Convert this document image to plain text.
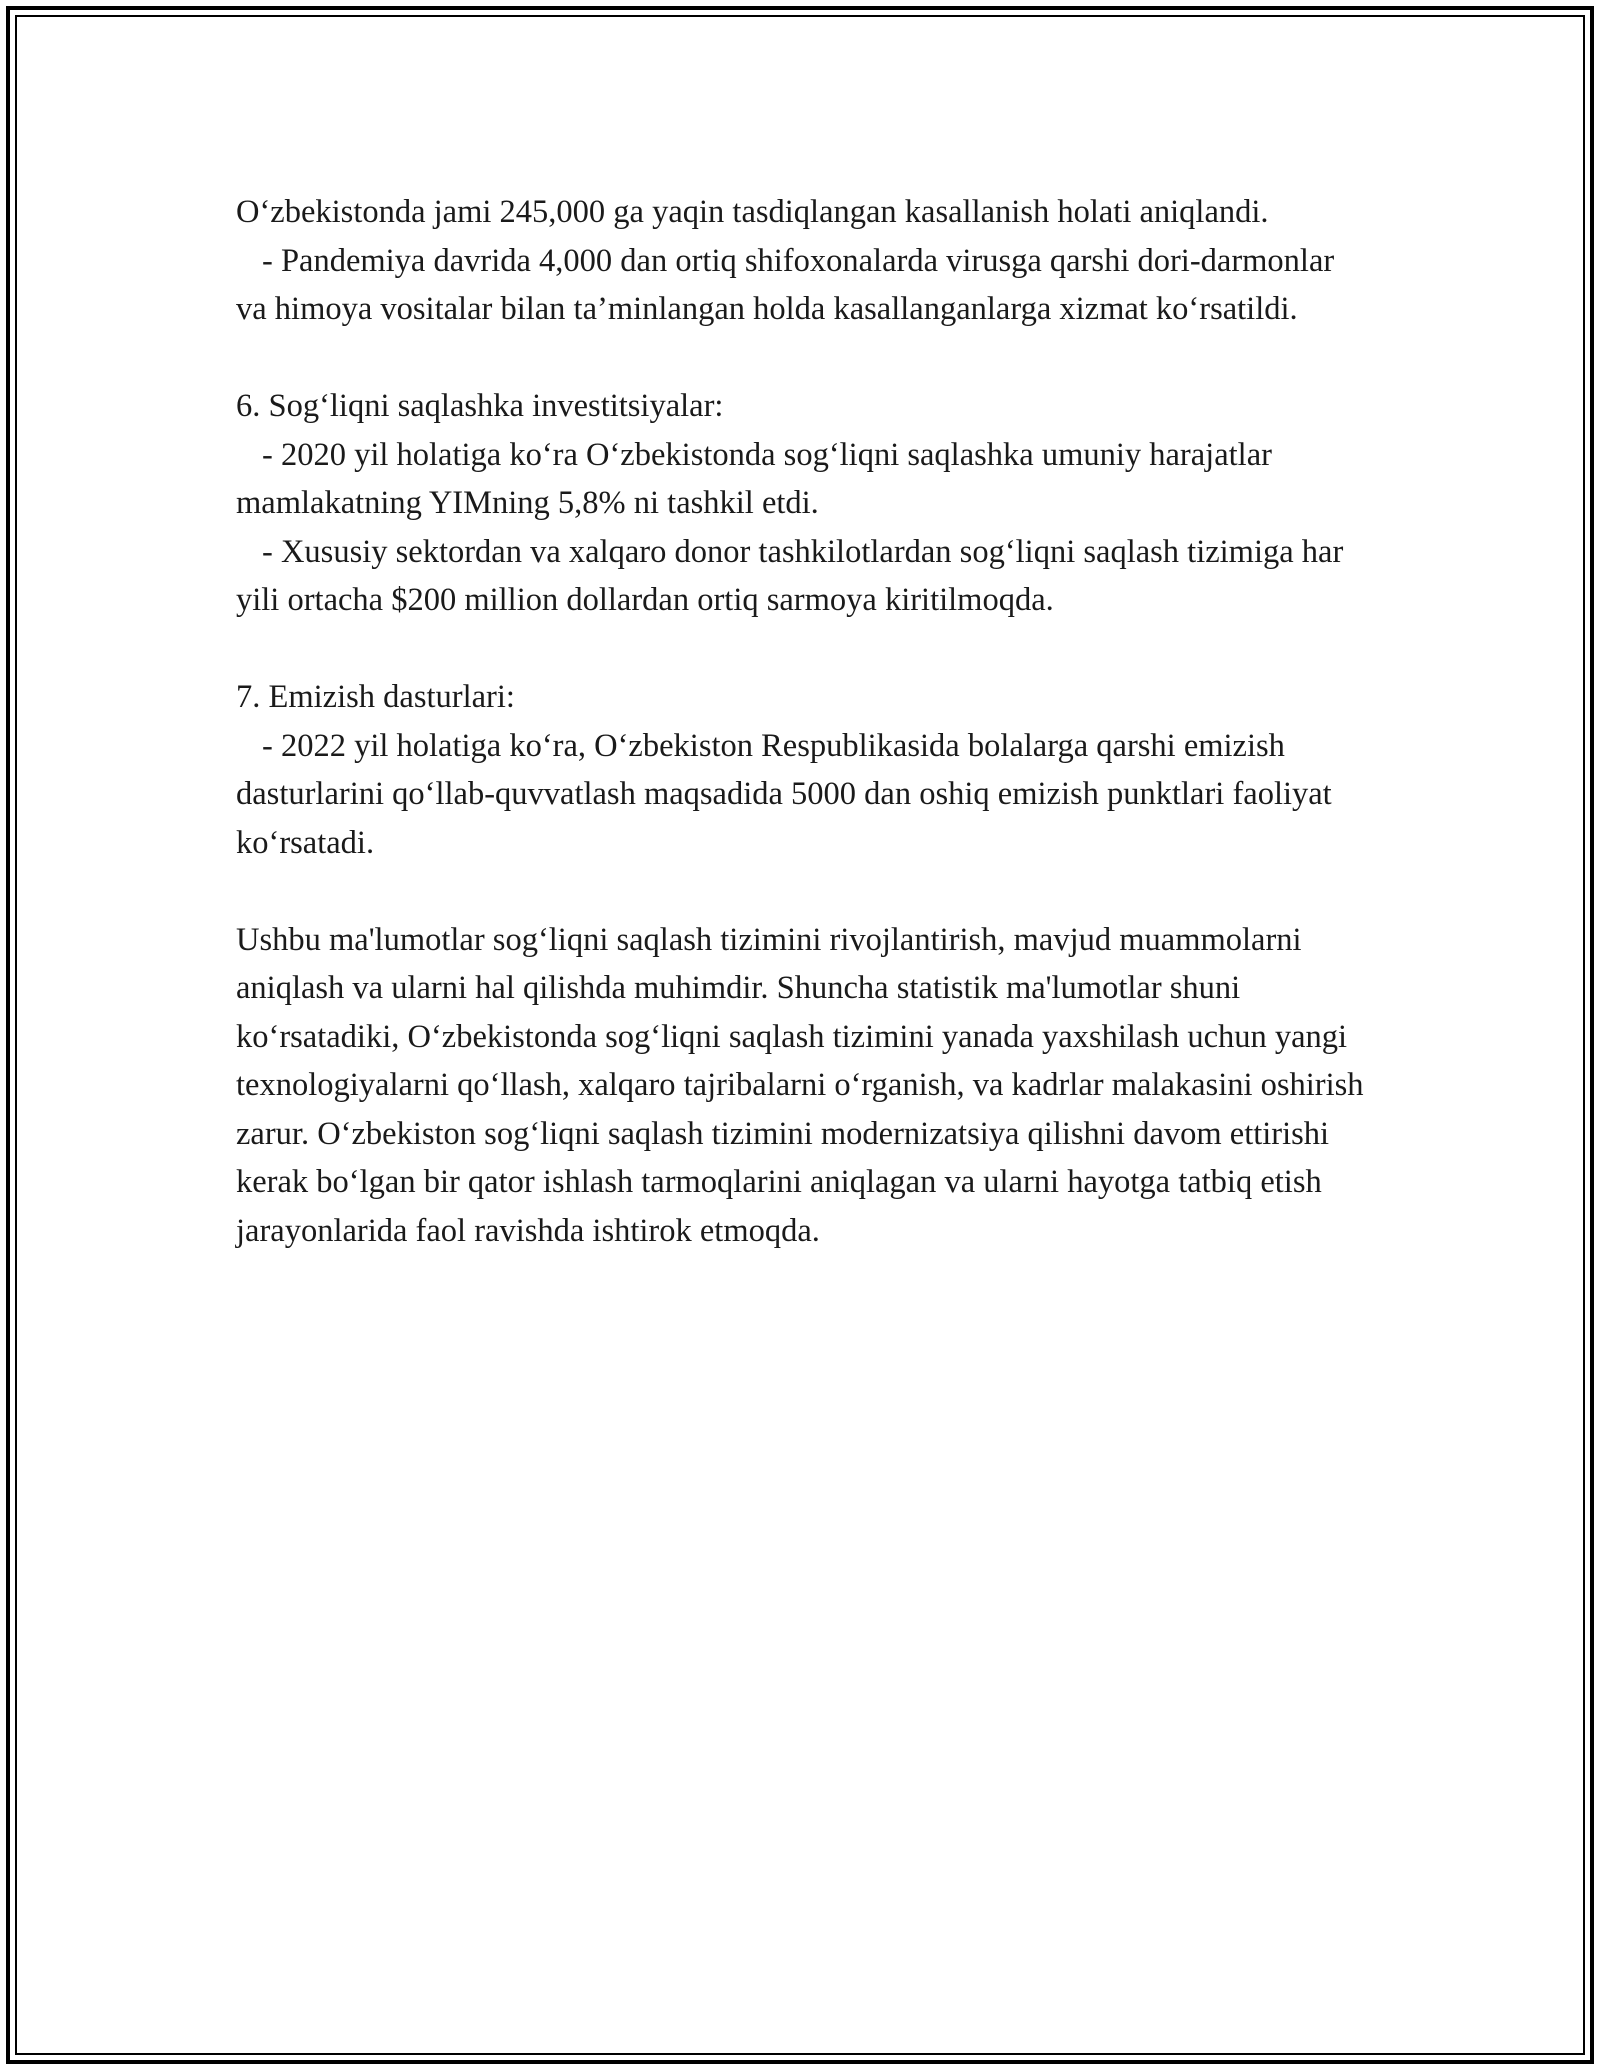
O‘zbekistonda jami 245,000 ga yaqin tasdiqlangan kasallanish holati aniqlandi.

- Pandemiya davrida 4,000 dan ortiq shifoxonalarda virusga qarshi dori-darmonlar va himoya vositalar bilan ta’minlangan holda kasallanganlarga xizmat ko‘rsatildi.

6. Sog‘liqni saqlashka investitsiyalar:

- 2020 yil holatiga ko‘ra O‘zbekistonda sog‘liqni saqlashka umuniy harajatlar mamlakatning YIMning 5,8% ni tashkil etdi.

- Xususiy sektordan va xalqaro donor tashkilotlardan sog‘liqni saqlash tizimiga har yili ortacha $200 million dollardan ortiq sarmoya kiritilmoqda.

7. Emizish dasturlari:

- 2022 yil holatiga ko‘ra, O‘zbekiston Respublikasida bolalarga qarshi emizish dasturlarini qo‘llab-quvvatlash maqsadida 5000 dan oshiq emizish punktlari faoliyat ko‘rsatadi.

Ushbu ma'lumotlar sog‘liqni saqlash tizimini rivojlantirish, mavjud muammolarni aniqlash va ularni hal qilishda muhimdir. Shuncha statistik ma'lumotlar shuni ko‘rsatadiki, O‘zbekistonda sog‘liqni saqlash tizimini yanada yaxshilash uchun yangi texnologiyalarni qo‘llash, xalqaro tajribalarni o‘rganish, va kadrlar malakasini oshirish zarur. O‘zbekiston sog‘liqni saqlash tizimini modernizatsiya qilishni davom ettirishi kerak bo‘lgan bir qator ishlash tarmoqlarini aniqlagan va ularni hayotga tatbiq etish jarayonlarida faol ravishda ishtirok etmoqda.
